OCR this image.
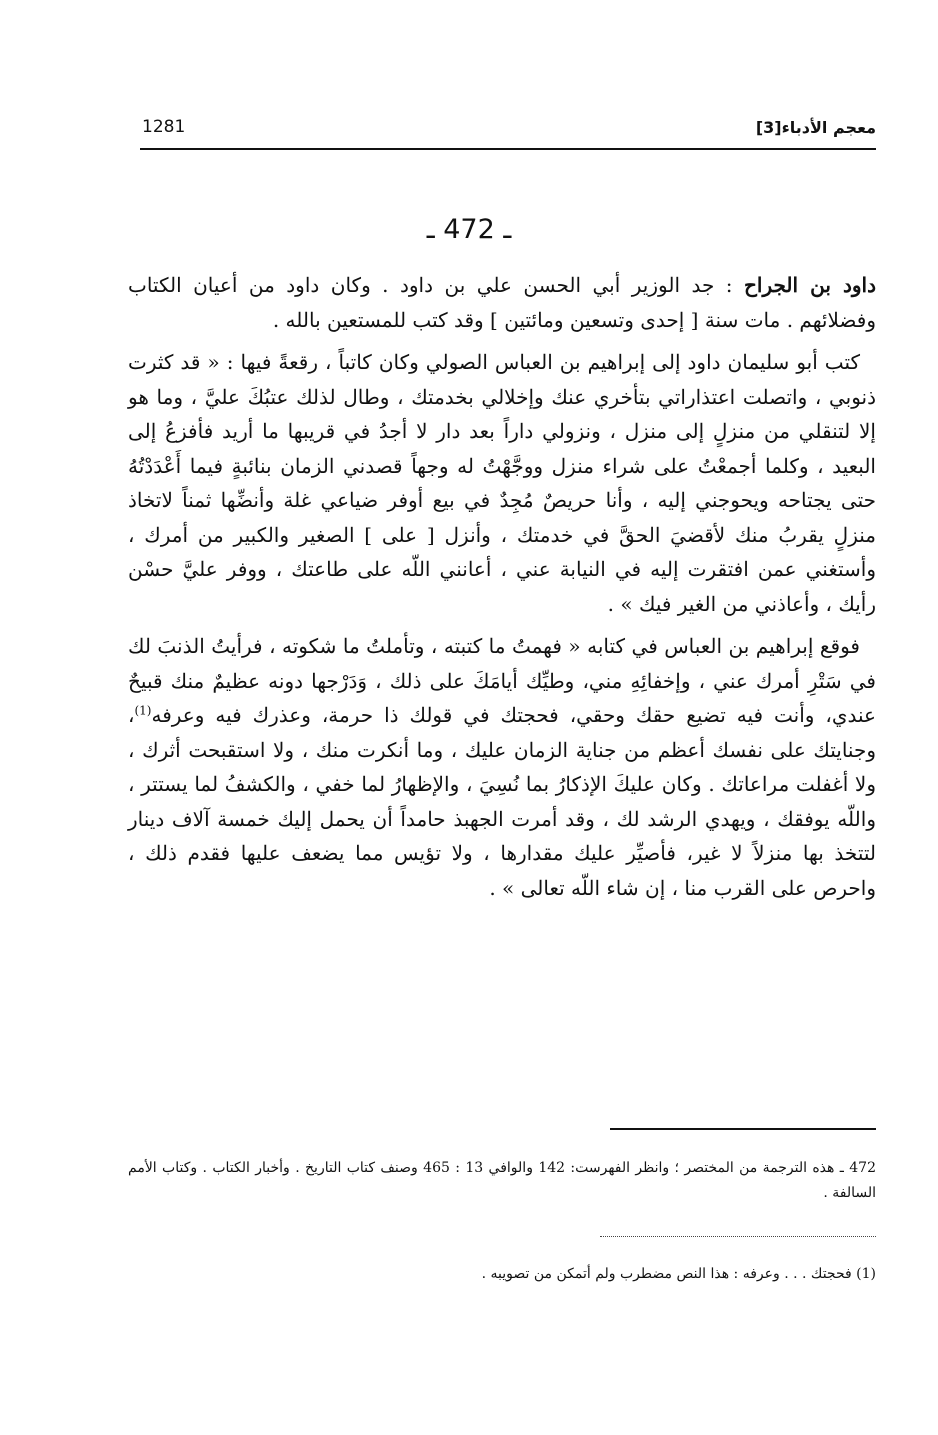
معجم الأدباء[3]
1281
ـ 472 ـ

داود بن الجراح : جد الوزير أبي الحسن علي بن داود . وكان داود من أعيان الكتاب وفضلائهم . مات سنة [ إحدى وتسعين ومائتين ] وقد كتب للمستعين بالله .

كتب أبو سليمان داود إلى إبراهيم بن العباس الصولي وكان كاتباً ، رقعةً فيها : « قد كثرت ذنوبي ، واتصلت اعتذاراتي بتأخري عنك وإخلالي بخدمتك ، وطال لذلك عتبُكَ عليَّ ، وما هو إلا لتنقلي من منزلٍ إلى منزل ، ونزولي داراً بعد دار لا أجدُ في قريبها ما أريد فأفزعُ إلى البعيد ، وكلما أجمعْتُ على شراء منزل ووجَّهْتُ له وجهاً قصدني الزمان بنائبةٍ فيما أَعْدَدْتُهُ حتى يجتاحه ويحوجني إليه ، وأنا حريصٌ مُجِدٌ في بيع أوفر ضياعي غلة وأنضِّها ثمناً لاتخاذ منزلٍ يقربُ منك لأقضيَ الحقَّ في خدمتك ، وأنزل [ على ] الصغير والكبير من أمرك ، وأستغني عمن افتقرت إليه في النيابة عني ، أعانني اللّه على طاعتك ، ووفر عليَّ حسْن رأيك ، وأعاذني من الغير فيك » .

فوقع إبراهيم بن العباس في كتابه « فهمتُ ما كتبته ، وتأملتُ ما شكوته ، فرأيتُ الذنبَ لك في سَتْرِ أمرك عني ، وإخفائِهِ مني، وطيِّك أيامَكَ على ذلك ، وَدَرْجها دونه عظيمٌ منك قبيحٌ عندي، وأنت فيه تضيع حقك وحقي، فحجتك في قولك ذا حرمة، وعذرك فيه وعرفه$^{(1)}$، وجنايتك على نفسك أعظم من جناية الزمان عليك ، وما أنكرت منك ، ولا استقبحت أثرك ، ولا أغفلت مراعاتك . وكان عليكَ الإذكارُ بما نُسِيَ ، والإظهارُ لما خفي ، والكشفُ لما يستتر ، واللّه يوفقك ، ويهدي الرشد لك ، وقد أمرت الجهبذ حامداً أن يحمل إليك خمسة آلاف دينار لتتخذ بها منزلاً لا غير، فأصيِّر عليك مقدارها ، ولا تؤيس مما يضعف عليها فقدم ذلك ، واحرص على القرب منا ، إن شاء اللّه تعالى » .

472 ـ هذه الترجمة من المختصر ؛ وانظر الفهرست: 142 والوافي 13 : 465 وصنف كتاب التاريخ . وأخبار الكتاب . وكتاب الأمم السالفة .
(1) فحجتك . . . وعرفه : هذا النص مضطرب ولم أتمكن من تصويبه .
